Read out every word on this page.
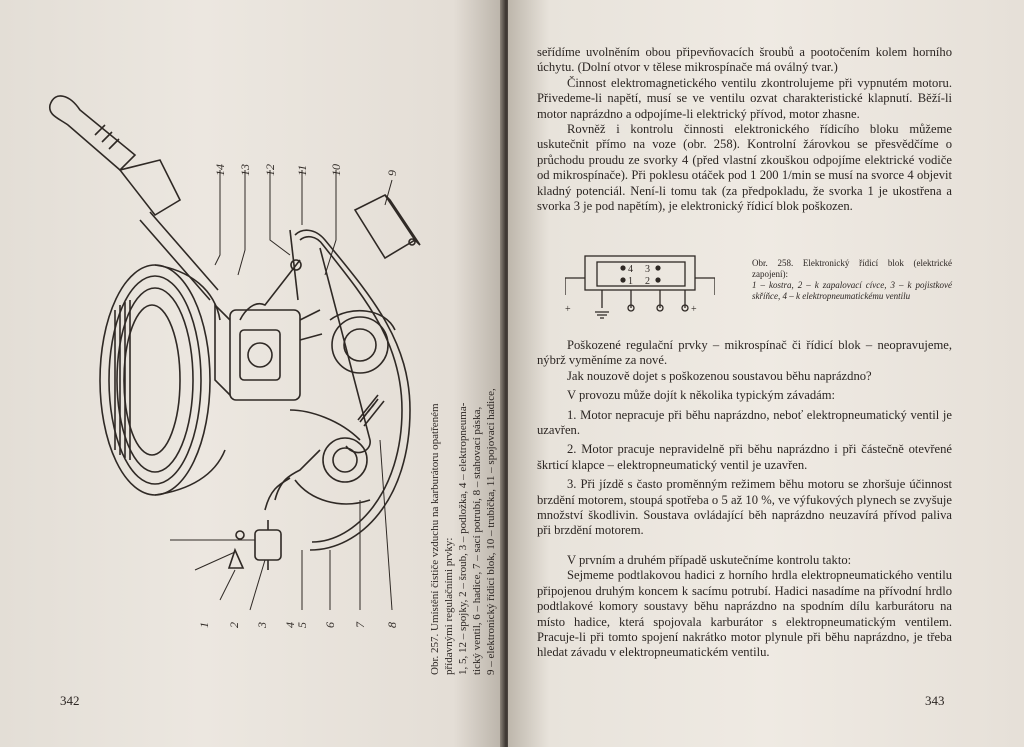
1 2 3 4
5 6 7 8
9
10
11
12
13
14
Obr. 257. Umístění čističe vzduchu na karburátoru opatřeném přídavnými regulačními prvky: 1, 5, 12 – spojky, 2 – šroub, 3 – podložka, 4 – elektropneuma- tický ventil, 6 – hadice, 7 – sací potrubí, 8 – stahovací páska, 9 – elektronický řídicí blok, 10 – trubička, 11 – spojovací hadice,
342

seřídíme uvolněním obou připevňovacích šroubů a pootočením kolem horního úchytu. (Dolní otvor v tělese mikrospínače má oválný tvar.)

Činnost elektromagnetického ventilu zkontrolujeme při vypnutém motoru. Přivedeme-li napětí, musí se ve ventilu ozvat charakteristické klapnutí. Běží-li motor naprázdno a odpojíme-li elektrický přívod, motor zhasne.

Rovněž i kontrolu činnosti elektronického řídicího bloku můžeme uskutečnit přímo na voze (obr. 258). Kontrolní žárovkou se přesvědčíme o průchodu proudu ze svorky 4 (před vlastní zkouškou odpojíme elektrické vodiče od mikrospínače). Při poklesu otáček pod 1 200 1/min se musí na svorce 4 objevit kladný potenciál. Není-li tomu tak (za předpokladu, že svorka 1 je ukostřena a svorka 3 je pod napětím), je elektronický řídicí blok poškozen.

4 3
1 2
+	+
Obr. 258. Elektronický řídicí blok (elektrické zapojení):
1 – kostra, 2 – k zapalovací cívce, 3 – k pojistkové skříňce, 4 – k elektropneumatickému ventilu

Poškozené regulační prvky – mikrospínač či řídicí blok – neopravujeme, nýbrž vyměníme za nové.

Jak nouzově dojet s poškozenou soustavou běhu naprázdno?

V provozu může dojít k několika typickým závadám:

1. Motor nepracuje při běhu naprázdno, neboť elektropneumatický ventil je uzavřen.

2. Motor pracuje nepravidelně při běhu naprázdno i při částečně otevřené škrticí klapce – elektropneumatický ventil je uzavřen.

3. Při jízdě s často proměnným režimem běhu motoru se zhoršuje účinnost brzdění motorem, stoupá spotřeba o 5 až 10 %, ve výfukových plynech se zvyšuje množství škodlivin. Soustava ovládající běh naprázdno neuzavírá přívod paliva při brzdění motorem.

V prvním a druhém případě uskutečníme kontrolu takto:

Sejmeme podtlakovou hadici z horního hrdla elektropneumatického ventilu připojenou druhým koncem k sacímu potrubí. Hadici nasadíme na přívodní hrdlo podtlakové komory soustavy běhu naprázdno na spodním dílu karburátoru na místo hadice, která spojovala karburátor s elektropneumatickým ventilem. Pracuje-li při tomto spojení nakrátko motor plynule při běhu naprázdno, je třeba hledat závadu v elektropneumatickém ventilu.

343
